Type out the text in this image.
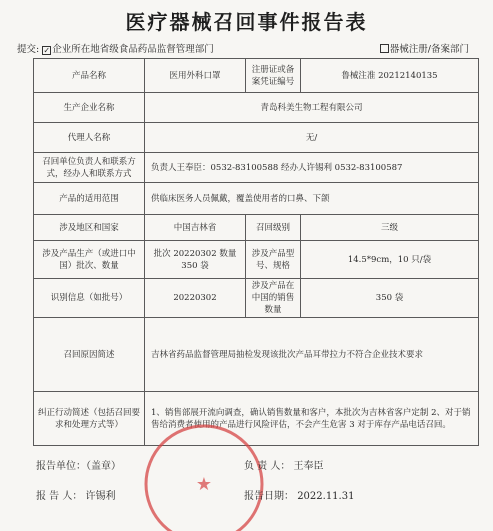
医疗器械召回事件报告表
提交: ✓ 企业所在地省级食品药品监督管理部门	器械注册/备案部门
产品名称	医用外科口罩	注册证或备案凭证编号	鲁械注准 20212140135
生产企业名称	青岛科美生物工程有限公司		
代理人名称	无/		
召回单位负责人和联系方式，经办人和联系方式	负责人王奉臣：0532-83100588 经办人许锡利 0532-83100587		
产品的适用范围	供临床医务人员佩戴，覆盖使用者的口鼻、下颌		
涉及地区和国家	中国吉林省	召回级别	三级
涉及产品生产（或进口中国）批次、数量	批次 20220302 数量 350 袋	涉及产品型号、规格	14.5*9cm，10 只/袋
识别信息（如批号）	20220302	涉及产品在中国的销售数量	350 袋
召回原因简述	吉林省药品监督管理局抽检发现该批次产品耳带拉力不符合企业技术要求		
纠正行动简述（包括召回要求和处理方式等）	1、销售部展开流向调查，确认销售数量和客户，本批次为吉林省客户定制 2、对于销售给消费者使用的产品进行风险评估，不会产生危害 3 对于库存产品电话召回。		
★
报告单位：（盖章）	负 责 人： 王奉臣
报 告 人： 许锡利	报告日期： 2022.11.31
